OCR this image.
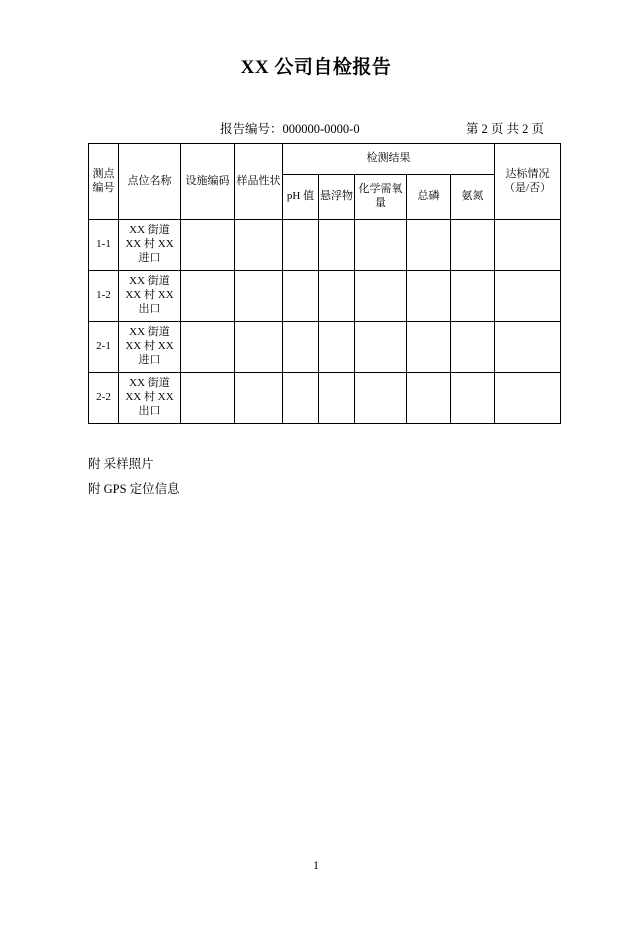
XX 公司自检报告
报告编号：000000-0000-0	第 2 页 共 2 页
测点编号	点位名称	设施编码	样品性状	检测结果					达标情况（是/否）
				pH 值	悬浮物	化学需氧量	总磷	氨氮	
1-1	XX 街道 XX 村 XX 进口								
1-2	XX 街道 XX 村 XX 出口								
2-1	XX 街道 XX 村 XX 进口								
2-2	XX 街道 XX 村 XX 出口								
附 采样照片
附 GPS 定位信息
1
